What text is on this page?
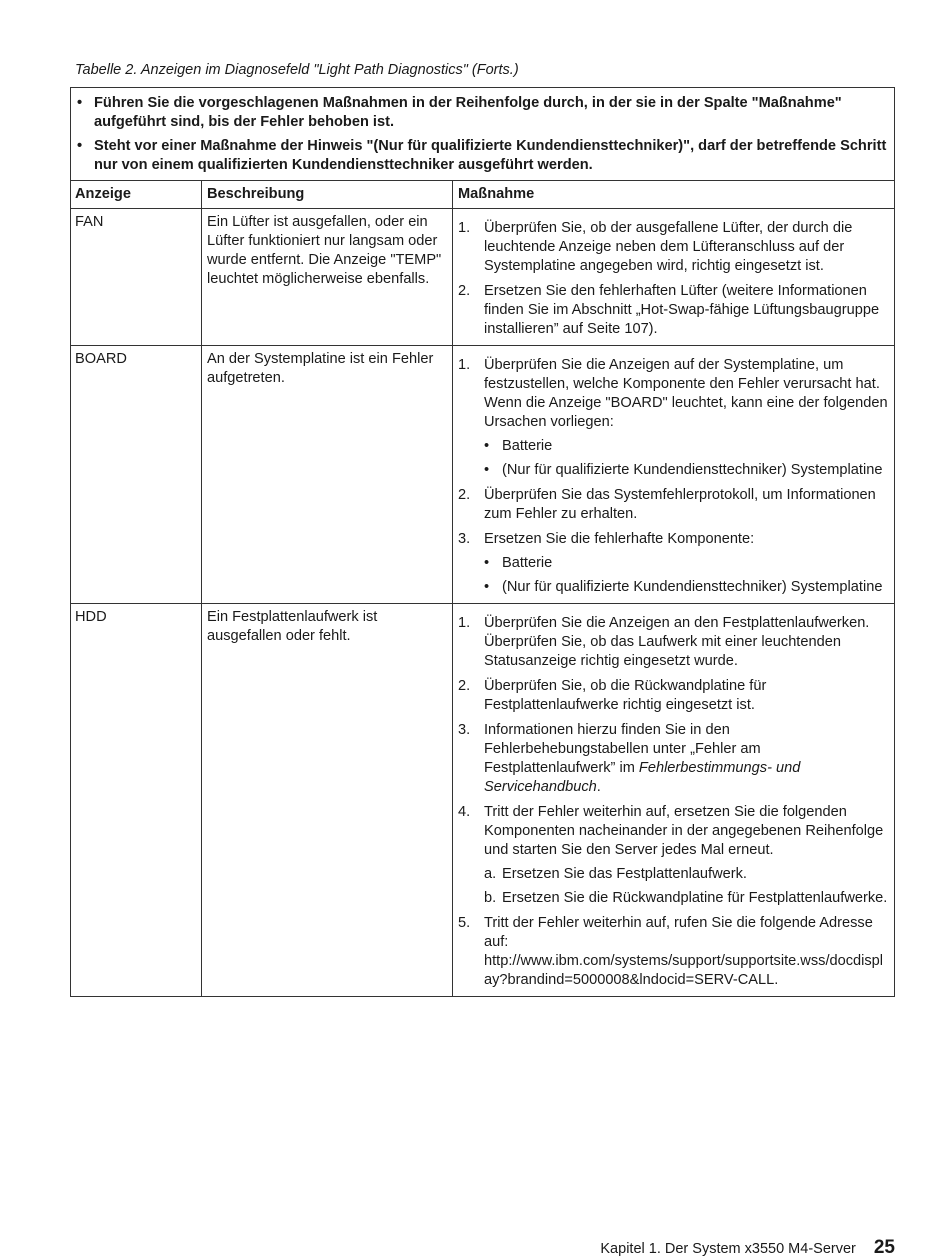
Tabelle 2. Anzeigen im Diagnosefeld "Light Path Diagnostics" (Forts.)
• Führen Sie die vorgeschlagenen Maßnahmen in der Reihenfolge durch, in der sie in der Spalte "Maßnahme" aufgeführt sind, bis der Fehler behoben ist.
• Steht vor einer Maßnahme der Hinweis "(Nur für qualifizierte Kundendiensttechniker)", darf der betreffende Schritt nur von einem qualifizierten Kundendiensttechniker ausgeführt werden.
Anzeige	Beschreibung	Maßnahme
FAN	Ein Lüfter ist ausgefallen, oder ein Lüfter funktioniert nur langsam oder wurde entfernt. Die Anzeige "TEMP" leuchtet möglicherweise ebenfalls.
1. Überprüfen Sie, ob der ausgefallene Lüfter, der durch die leuchtende Anzeige neben dem Lüfteranschluss auf der Systemplatine angegeben wird, richtig eingesetzt ist.
2. Ersetzen Sie den fehlerhaften Lüfter (weitere Informationen finden Sie im Abschnitt „Hot-Swap-fähige Lüftungsbaugruppe installieren” auf Seite 107).
BOARD	An der Systemplatine ist ein Fehler aufgetreten.
1. Überprüfen Sie die Anzeigen auf der Systemplatine, um festzustellen, welche Komponente den Fehler verursacht hat. Wenn die Anzeige "BOARD" leuchtet, kann eine der folgenden Ursachen vorliegen:
• Batterie
• (Nur für qualifizierte Kundendiensttechniker) Systemplatine
2. Überprüfen Sie das Systemfehlerprotokoll, um Informationen zum Fehler zu erhalten.
3. Ersetzen Sie die fehlerhafte Komponente:
• Batterie
• (Nur für qualifizierte Kundendiensttechniker) Systemplatine
HDD	Ein Festplattenlaufwerk ist ausgefallen oder fehlt.
1. Überprüfen Sie die Anzeigen an den Festplattenlaufwerken. Überprüfen Sie, ob das Laufwerk mit einer leuchtenden Statusanzeige richtig eingesetzt wurde.
2. Überprüfen Sie, ob die Rückwandplatine für Festplattenlaufwerke richtig eingesetzt ist.
3. Informationen hierzu finden Sie in den Fehlerbehebungstabellen unter „Fehler am Festplattenlaufwerk” im Fehlerbestimmungs- und Servicehandbuch.
4. Tritt der Fehler weiterhin auf, ersetzen Sie die folgenden Komponenten nacheinander in der angegebenen Reihenfolge und starten Sie den Server jedes Mal erneut.
a. Ersetzen Sie das Festplattenlaufwerk.
b. Ersetzen Sie die Rückwandplatine für Festplattenlaufwerke.
5. Tritt der Fehler weiterhin auf, rufen Sie die folgende Adresse auf: http://www.ibm.com/systems/support/supportsite.wss/docdisplay?brandind=5000008&lndocid=SERV-CALL.
Kapitel 1. Der System x3550 M4-Server 25
